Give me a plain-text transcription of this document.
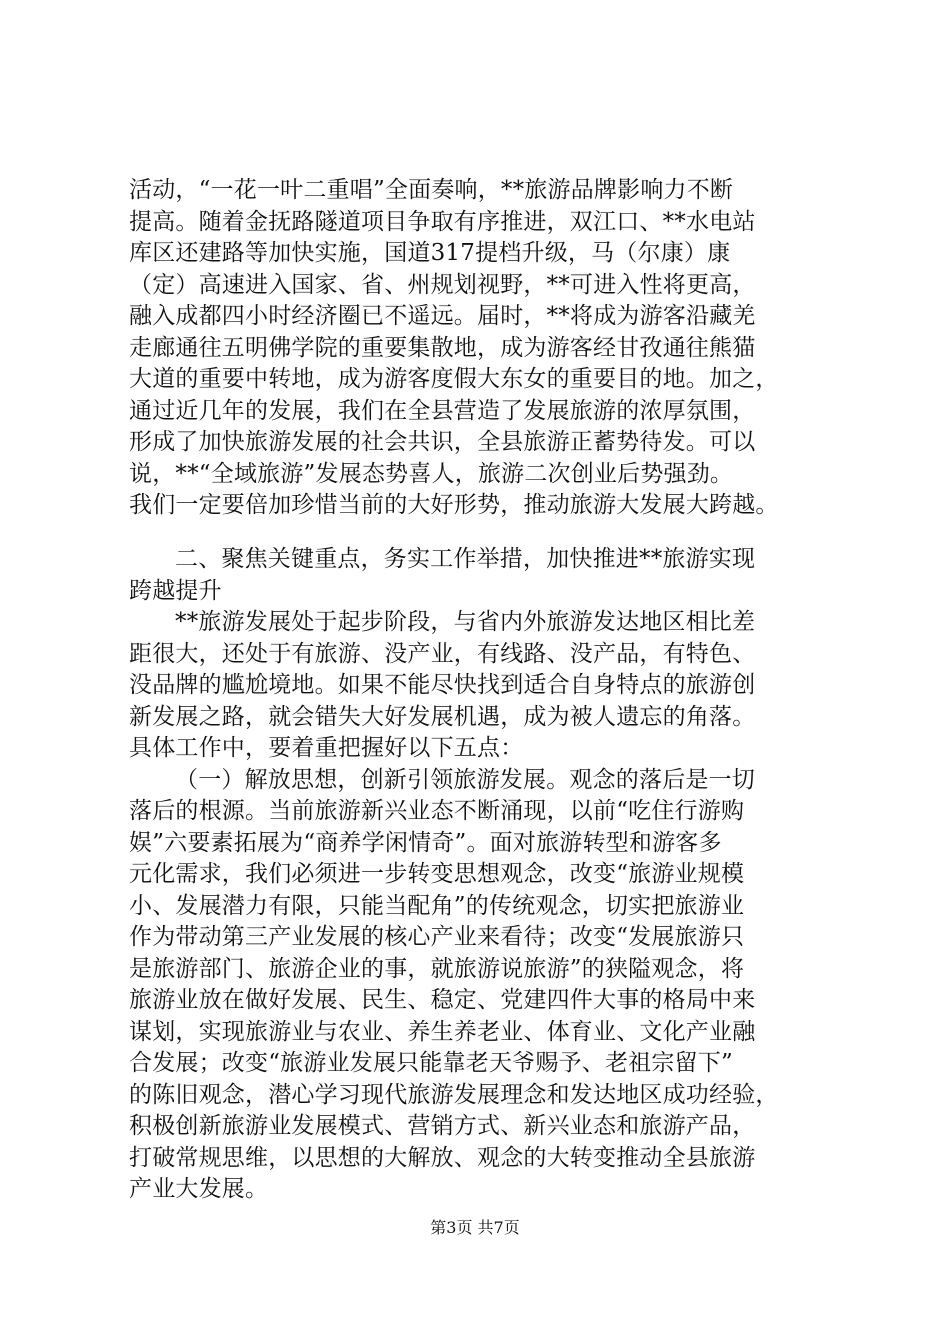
活动，“一花一叶二重唱”全面奏响，**旅游品牌影响力不断
提高。随着金抚路隧道项目争取有序推进，双江口、**水电站
库区还建路等加快实施，国道317提档升级，马（尔康）康
（定）高速进入国家、省、州规划视野，**可进入性将更高，
融入成都四小时经济圈已不遥远。届时，**将成为游客沿藏羌
走廊通往五明佛学院的重要集散地，成为游客经甘孜通往熊猫
大道的重要中转地，成为游客度假大东女的重要目的地。加之，
通过近几年的发展，我们在全县营造了发展旅游的浓厚氛围，
形成了加快旅游发展的社会共识，全县旅游正蓄势待发。可以
说，**“全域旅游”发展态势喜人，旅游二次创业后势强劲。
我们一定要倍加珍惜当前的大好形势，推动旅游大发展大跨越。
二、聚焦关键重点，务实工作举措，加快推进**旅游实现
跨越提升
**旅游发展处于起步阶段，与省内外旅游发达地区相比差
距很大，还处于有旅游、没产业，有线路、没产品，有特色、
没品牌的尴尬境地。如果不能尽快找到适合自身特点的旅游创
新发展之路，就会错失大好发展机遇，成为被人遗忘的角落。
具体工作中，要着重把握好以下五点：
（一）解放思想，创新引领旅游发展。观念的落后是一切
落后的根源。当前旅游新兴业态不断涌现，以前“吃住行游购
娱”六要素拓展为“商养学闲情奇”。面对旅游转型和游客多
元化需求，我们必须进一步转变思想观念，改变“旅游业规模
小、发展潜力有限，只能当配角”的传统观念，切实把旅游业
作为带动第三产业发展的核心产业来看待；改变“发展旅游只
是旅游部门、旅游企业的事，就旅游说旅游”的狭隘观念，将
旅游业放在做好发展、民生、稳定、党建四件大事的格局中来
谋划，实现旅游业与农业、养生养老业、体育业、文化产业融
合发展；改变“旅游业发展只能靠老天爷赐予、老祖宗留下”
的陈旧观念，潜心学习现代旅游发展理念和发达地区成功经验，
积极创新旅游业发展模式、营销方式、新兴业态和旅游产品，
打破常规思维，以思想的大解放、观念的大转变推动全县旅游
产业大发展。
第3页 共7页
